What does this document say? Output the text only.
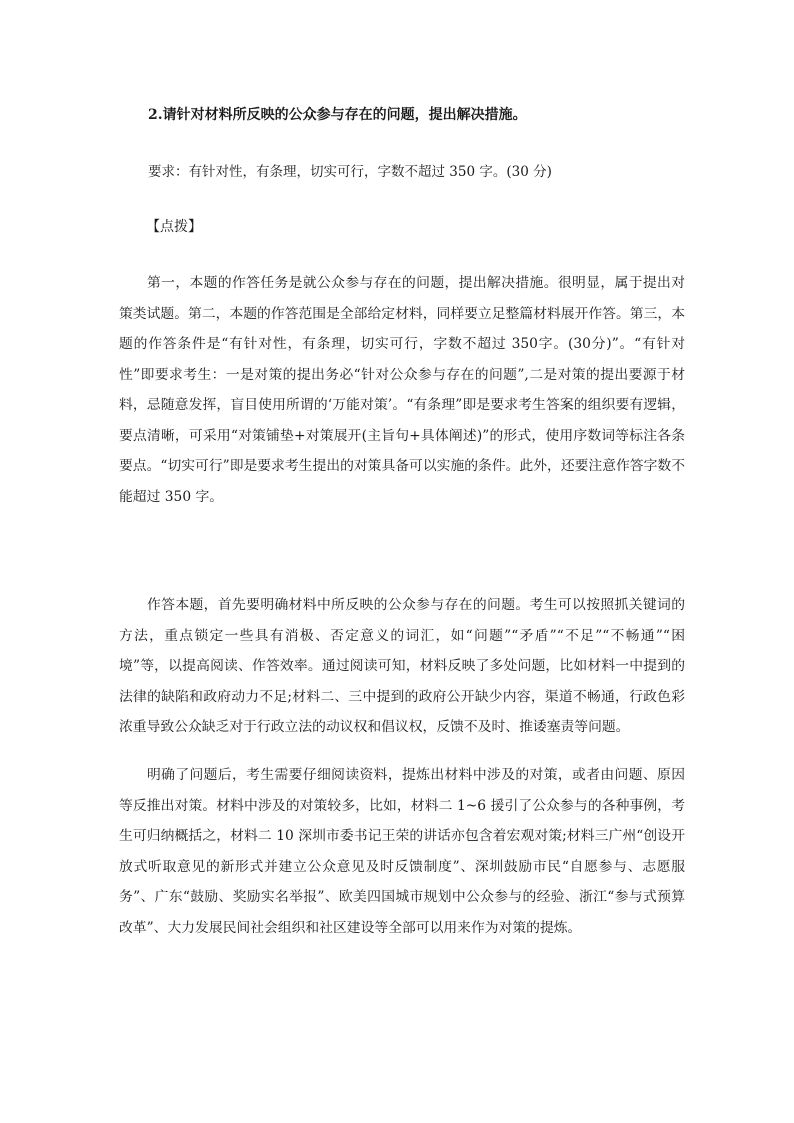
2.请针对材料所反映的公众参与存在的问题，提出解决措施。
要求：有针对性，有条理，切实可行，字数不超过 350 字。(30 分)
【点拨】

第一，本题的作答任务是就公众参与存在的问题，提出解决措施。很明显，属于提出对策类试题。第二，本题的作答范围是全部给定材料，同样要立足整篇材料展开作答。第三，本题的作答条件是“有针对性，有条理，切实可行，字数不超过 350字。(30分)”。“有针对性”即要求考生：一是对策的提出务必“针对公众参与存在的问题”,二是对策的提出要源于材料，忌随意发挥，盲目使用所谓的‘万能对策’。“有条理”即是要求考生答案的组织要有逻辑，要点清晰，可采用“对策铺垫+对策展开(主旨句+具体阐述)”的形式，使用序数词等标注各条要点。“切实可行”即是要求考生提出的对策具备可以实施的条件。此外，还要注意作答字数不能超过 350 字。

作答本题，首先要明确材料中所反映的公众参与存在的问题。考生可以按照抓关键词的方法，重点锁定一些具有消极、否定意义的词汇，如“问题”“矛盾”“不足”“不畅通”“困境”等，以提高阅读、作答效率。通过阅读可知，材料反映了多处问题，比如材料一中提到的法律的缺陷和政府动力不足;材料二、三中提到的政府公开缺少内容，渠道不畅通，行政色彩浓重导致公众缺乏对于行政立法的动议权和倡议权，反馈不及时、推诿塞责等问题。

明确了问题后，考生需要仔细阅读资料，提炼出材料中涉及的对策，或者由问题、原因等反推出对策。材料中涉及的对策较多，比如，材料二 1~6 援引了公众参与的各种事例，考生可归纳概括之，材料二 10 深圳市委书记王荣的讲话亦包含着宏观对策;材料三广州“创设开放式听取意见的新形式并建立公众意见及时反馈制度”、深圳鼓励市民“自愿参与、志愿服务”、广东“鼓励、奖励实名举报”、欧美四国城市规划中公众参与的经验、浙江“参与式预算改革”、大力发展民间社会组织和社区建设等全部可以用来作为对策的提炼。
